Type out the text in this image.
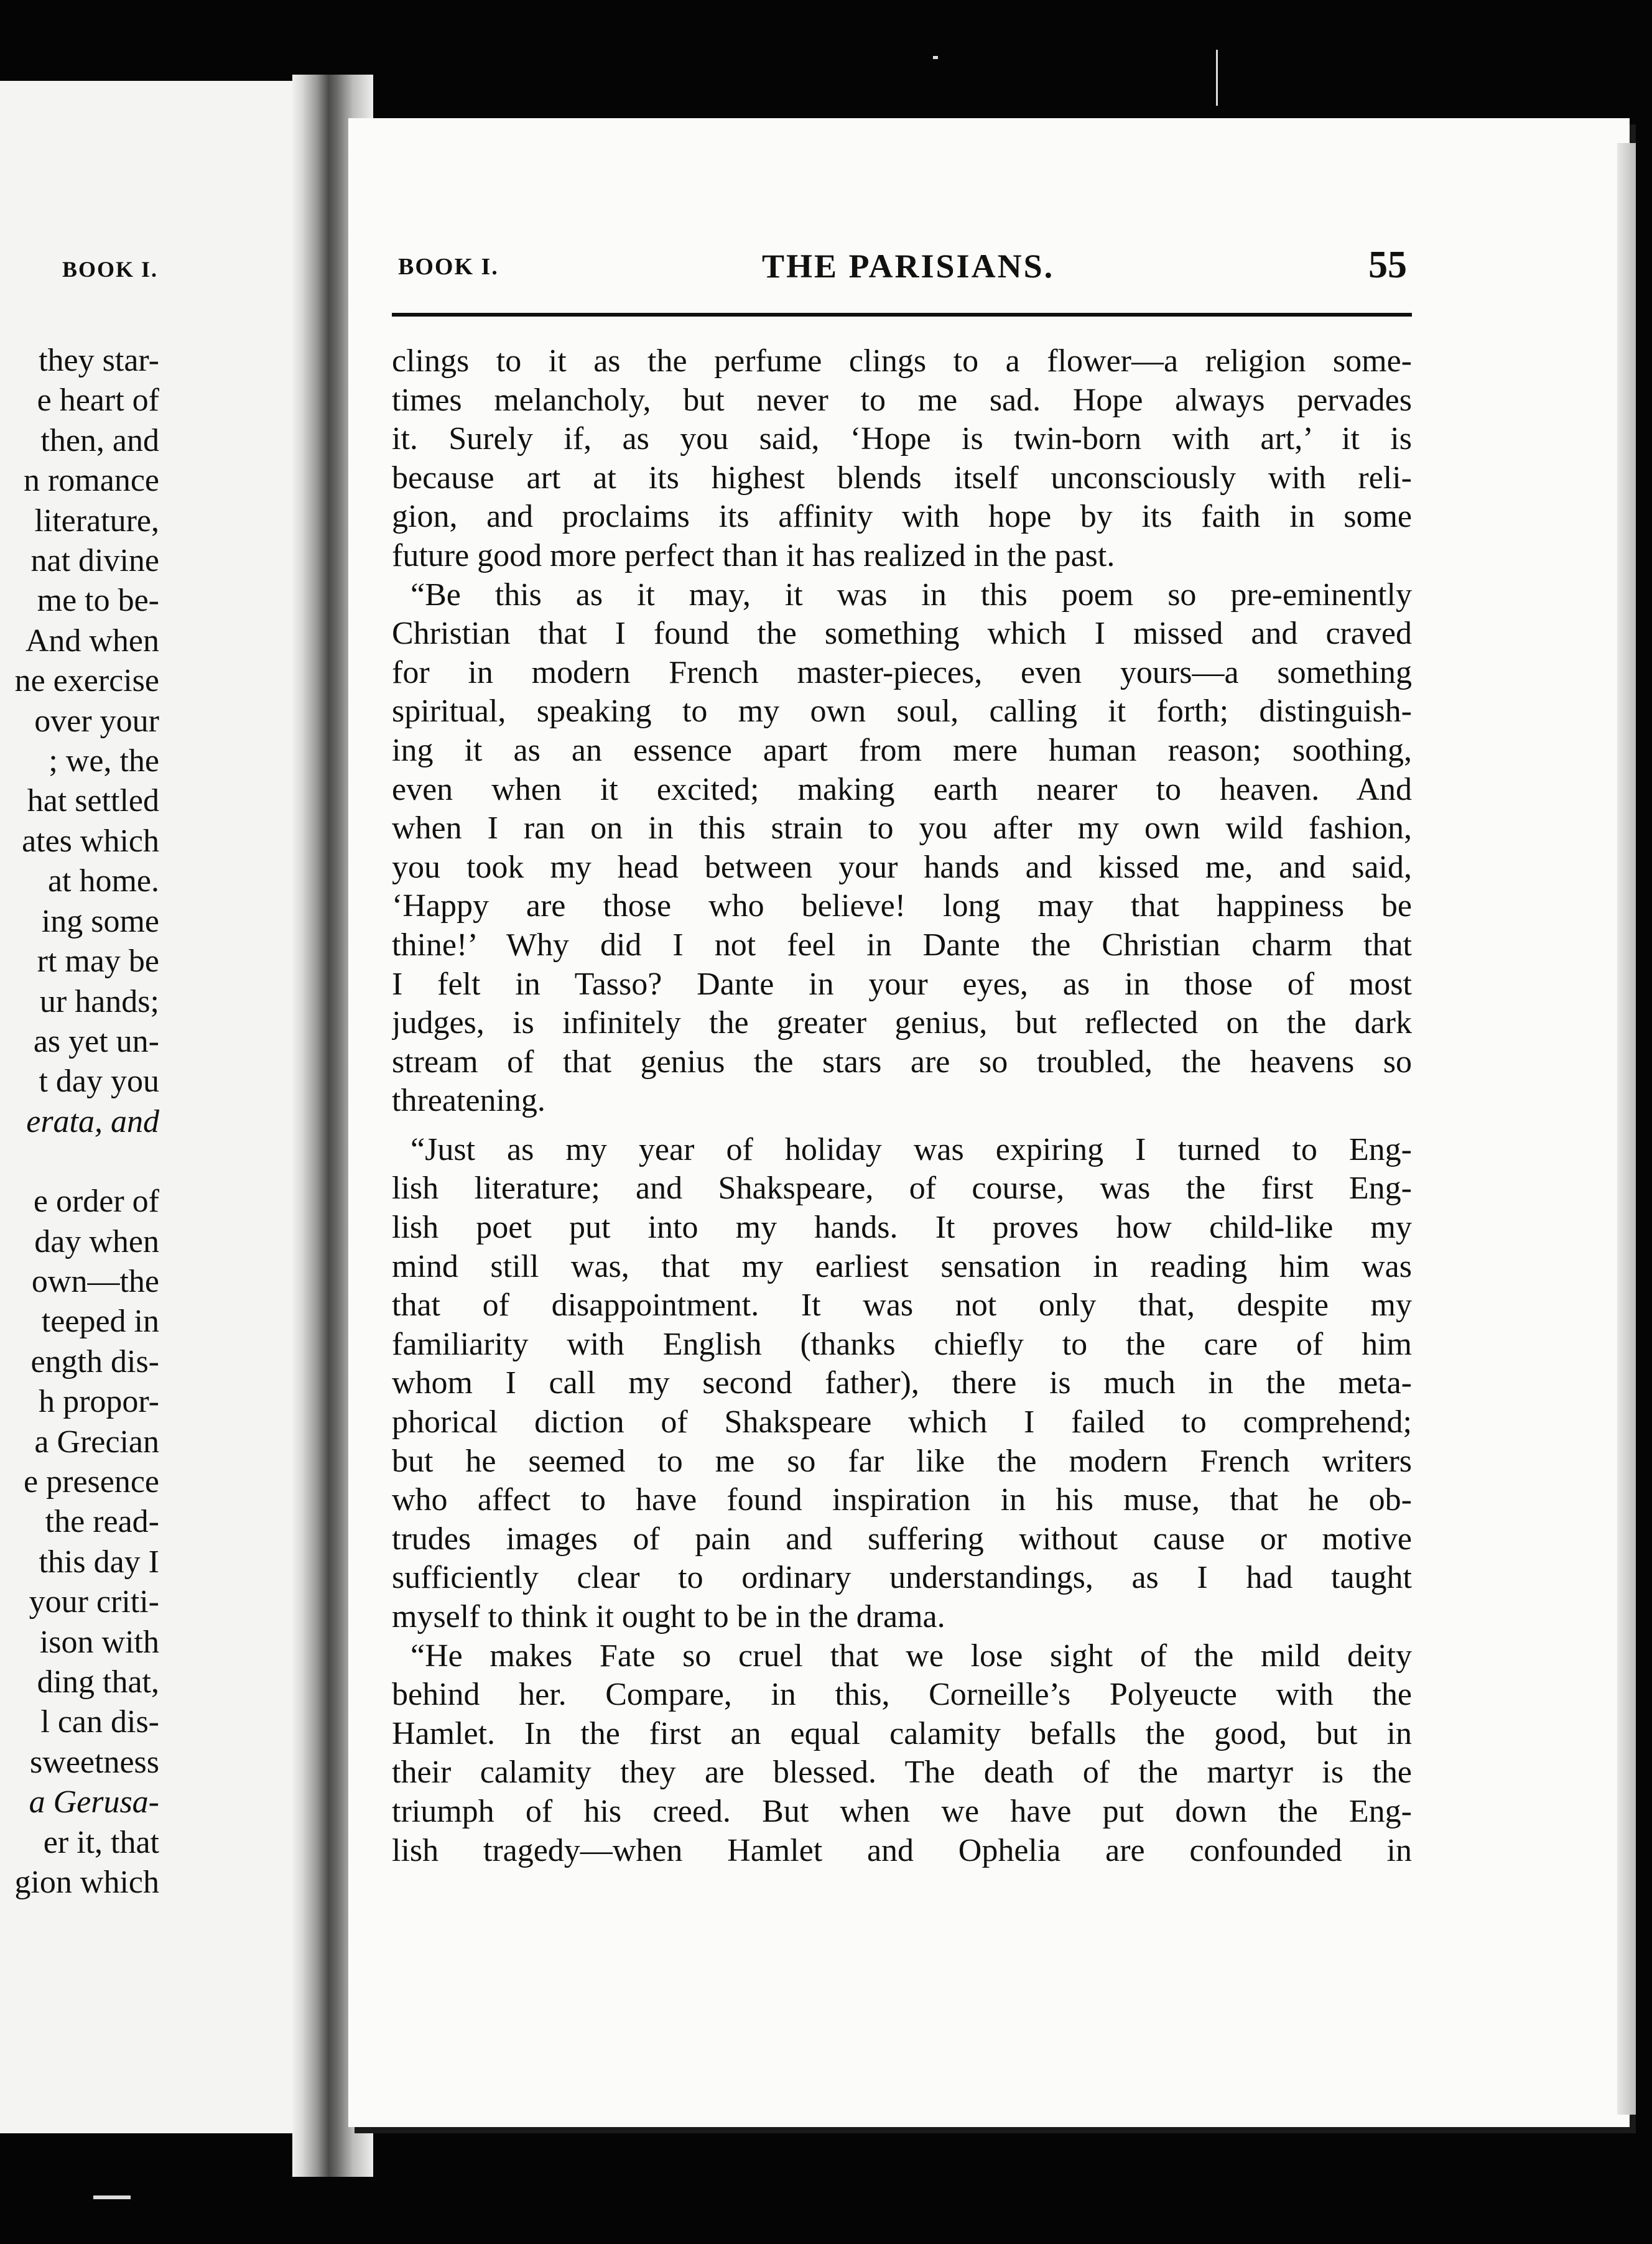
BOOK I.
they star-
e heart of
then, and
n romance
literature,
nat divine
me to be-
And when
ne exercise
over your
; we, the
hat settled
ates which
at home.
ing some
rt may be
ur hands;
as yet un-
t day you
erata, and
e order of
day when
own—the
teeped in
ength dis-
h propor-
a Grecian
e presence
the read-
this day I
your criti-
ison with
ding that,
l can dis-
sweetness
a Gerusa-
er it, that
gion which
BOOK I.	THE PARISIANS.	55
clings to it as the perfume clings to a flower—a religion some-
times melancholy, but never to me sad. Hope always pervades
it. Surely if, as you said, ‘Hope is twin-born with art,’ it is
because art at its highest blends itself unconsciously with reli-
gion, and proclaims its affinity with hope by its faith in some
future good more perfect than it has realized in the past.
“Be this as it may, it was in this poem so pre-eminently
Christian that I found the something which I missed and craved
for in modern French master-pieces, even yours—a something
spiritual, speaking to my own soul, calling it forth; distinguish-
ing it as an essence apart from mere human reason; soothing,
even when it excited; making earth nearer to heaven. And
when I ran on in this strain to you after my own wild fashion,
you took my head between your hands and kissed me, and said,
‘Happy are those who believe! long may that happiness be
thine!’ Why did I not feel in Dante the Christian charm that
I felt in Tasso? Dante in your eyes, as in those of most
judges, is infinitely the greater genius, but reflected on the dark
stream of that genius the stars are so troubled, the heavens so
threatening.
“Just as my year of holiday was expiring I turned to Eng-
lish literature; and Shakspeare, of course, was the first Eng-
lish poet put into my hands. It proves how child-like my
mind still was, that my earliest sensation in reading him was
that of disappointment. It was not only that, despite my
familiarity with English (thanks chiefly to the care of him
whom I call my second father), there is much in the meta-
phorical diction of Shakspeare which I failed to comprehend;
but he seemed to me so far like the modern French writers
who affect to have found inspiration in his muse, that he ob-
trudes images of pain and suffering without cause or motive
sufficiently clear to ordinary understandings, as I had taught
myself to think it ought to be in the drama.
“He makes Fate so cruel that we lose sight of the mild deity
behind her. Compare, in this, Corneille’s Polyeucte with the
Hamlet. In the first an equal calamity befalls the good, but in
their calamity they are blessed. The death of the martyr is the
triumph of his creed. But when we have put down the Eng-
lish tragedy—when Hamlet and Ophelia are confounded in
